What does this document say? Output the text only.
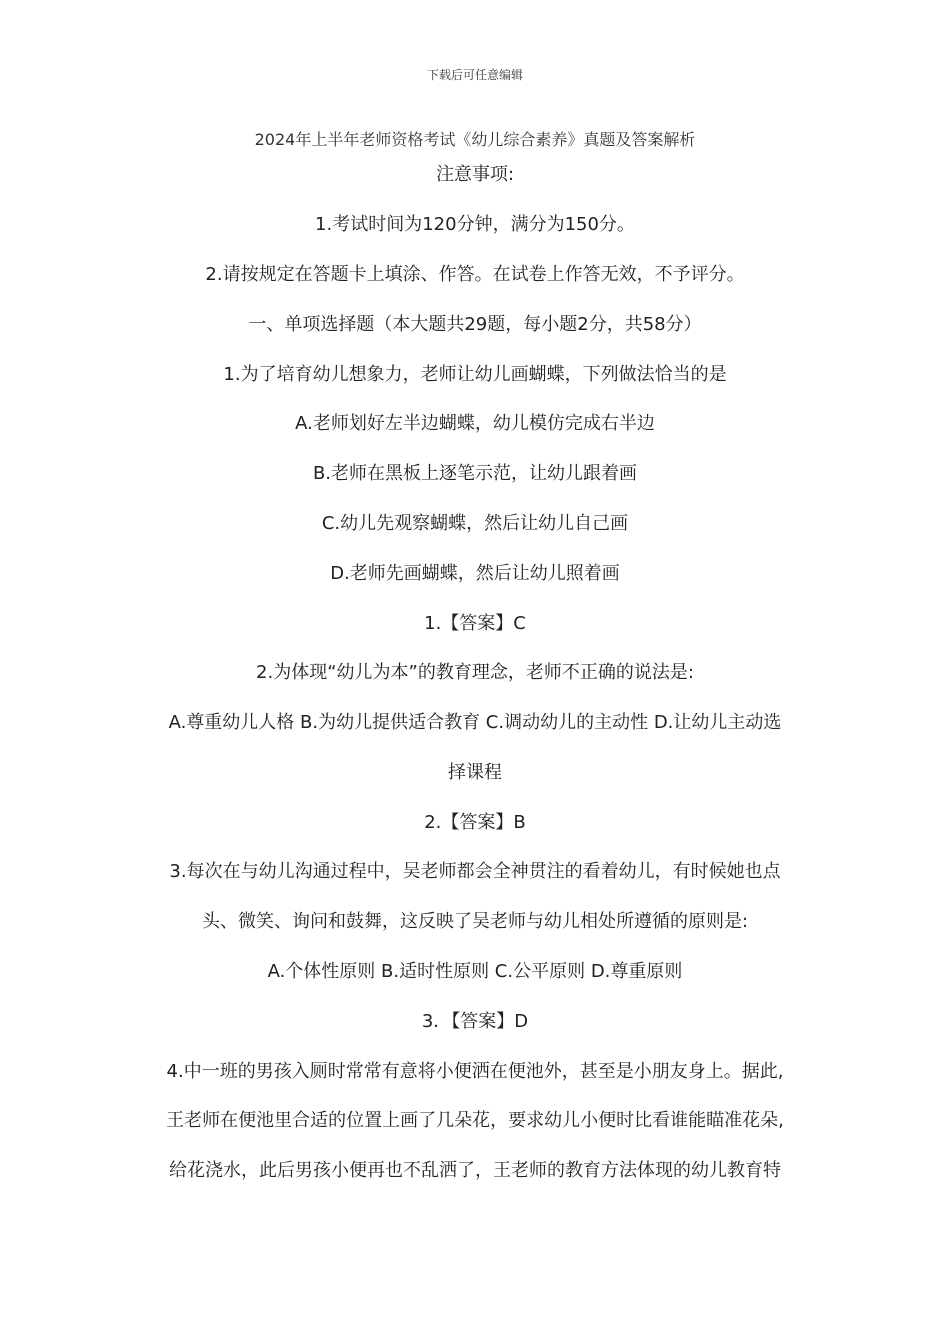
下载后可任意编辑
2024年上半年老师资格考试《幼儿综合素养》真题及答案解析
注意事项:
1.考试时间为120分钟，满分为150分。
2.请按规定在答题卡上填涂、作答。在试卷上作答无效，不予评分。
一、单项选择题（本大题共29题，每小题2分，共58分）
1.为了培育幼儿想象力，老师让幼儿画蝴蝶，下列做法恰当的是
A.老师划好左半边蝴蝶，幼儿模仿完成右半边
B.老师在黑板上逐笔示范，让幼儿跟着画
C.幼儿先观察蝴蝶，然后让幼儿自己画
D.老师先画蝴蝶，然后让幼儿照着画
1.【答案】C
2.为体现“幼儿为本”的教育理念，老师不正确的说法是:
A.尊重幼儿人格 B.为幼儿提供适合教育 C.调动幼儿的主动性 D.让幼儿主动选
择课程
2.【答案】B
3.每次在与幼儿沟通过程中，吴老师都会全神贯注的看着幼儿，有时候她也点
头、微笑、询问和鼓舞，这反映了吴老师与幼儿相处所遵循的原则是:
A.个体性原则 B.适时性原则 C.公平原则 D.尊重原则
3．【答案】D
4.中一班的男孩入厕时常常有意将小便洒在便池外，甚至是小朋友身上。据此,
王老师在便池里合适的位置上画了几朵花，要求幼儿小便时比看谁能瞄准花朵,
给花浇水，此后男孩小便再也不乱洒了，王老师的教育方法体现的幼儿教育特
